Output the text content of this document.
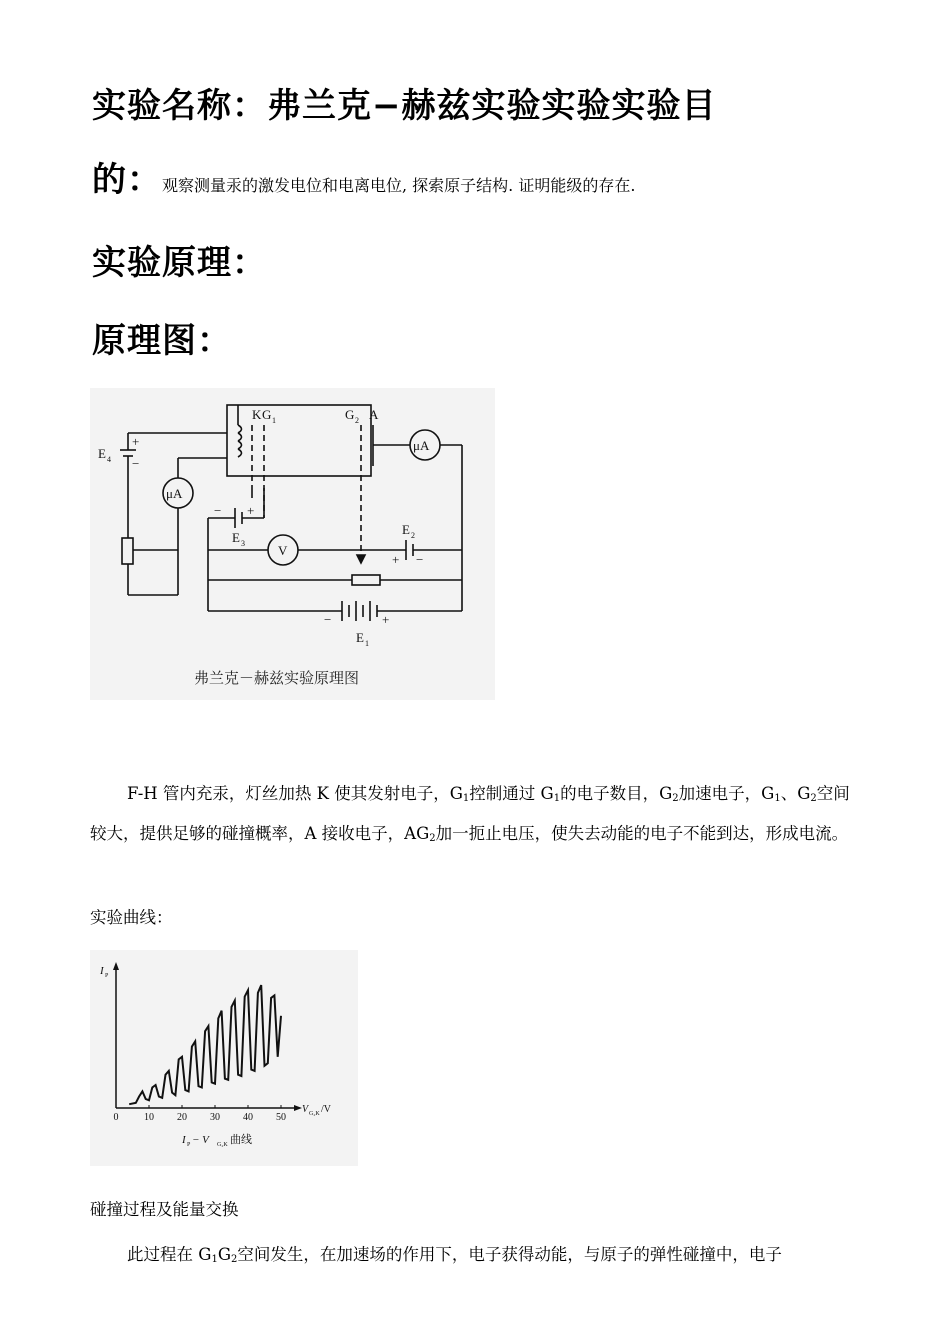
实验名称：弗兰克−赫兹实验实验实验目
的：观察测量汞的激发电位和电离电位, 探索原子结构. 证明能级的存在.
实验原理：
原理图：
K G 1	G 2 A
μA
+
−
E 4
μA
− +
E 3	V
+ −
E 2
−	+
E 1
弗兰克－赫兹实验原理图
F-H 管内充汞，灯丝加热 K 使其发射电子，$G_1$控制通过 $G_1$的电子数目，$G_2$加速电子，$G_1$、$G_2$空间较大，提供足够的碰撞概率，A 接收电子，$AG_2$加一扼止电压，使失去动能的电子不能到达，形成电流。
实验曲线：
I P
V G₂K /V
0	10 20 30 40 50
I P − V G₂K 曲线
碰撞过程及能量交换
此过程在 $G_1G_2$空间发生，在加速场的作用下，电子获得动能，与原子的弹性碰撞中，电子
